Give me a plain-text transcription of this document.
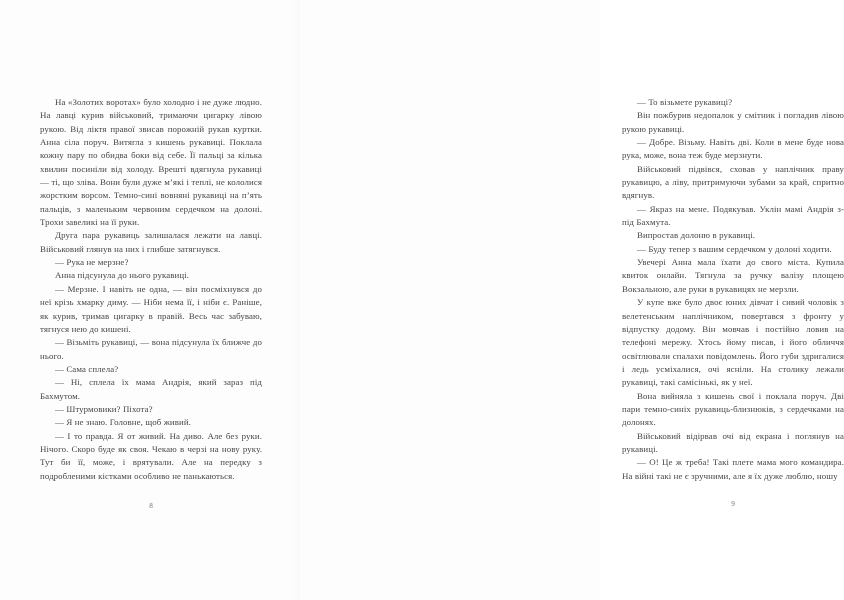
На «Золотих воротах» було холодно і не дуже людно. На лавці курив військовий, тримаючи цигарку лівою рукою. Від ліктя правої звисав порожній рукав куртки. Анна сіла поруч. Витягла з кишень рукавиці. Поклала кожну пару по обидва боки від себе. Її пальці за кілька хвилин посиніли від холоду. Врешті вдягнула рукавиці — ті, що зліва. Вони були дуже м’які і теплі, не кололися жорстким ворсом. Темно-сині вовняні рукавиці на п’ять пальців, з маленьким червоним сердечком на долоні. Трохи завеликі на її руки.

Друга пара рукавиць залишалася лежати на лавці. Військовий глянув на них і глибше затягнувся.

— Рука не мерзне?

Анна підсунула до нього рукавиці.

— Мерзне. І навіть не одна, — він посміхнувся до неї крізь хмарку диму. — Ніби нема її, і ніби є. Раніше, як курив, тримав цигарку в правій. Весь час забуваю, тягнуся нею до кишені.

— Візьміть рукавиці, — вона підсунула їх ближче до нього.

— Сама сплела?

— Ні, сплела їх мама Андрія, який зараз під Бахмутом.

— Штурмовики? Піхота?

— Я не знаю. Головне, щоб живий.

— І то правда. Я от живий. На диво. Але без руки. Нічого. Скоро буде як своя. Чекаю в черзі на нову руку. Тут би її, може, і врятували. Але на передку з подробленими кістками особливо не панькаються.

8

— То візьмете рукавиці?

Він пожбурив недопалок у смітник і погладив лівою рукою рукавиці.

— Добре. Візьму. Навіть дві. Коли в мене буде нова рука, може, вона теж буде мерзнути.

Військовий підвівся, сховав у наплічник праву рукавицю, а ліву, притримуючи зубами за край, спритно вдягнув.

— Якраз на мене. Подякував. Уклін мамі Андрія з-під Бахмута.

Випростав долоню в рукавиці.

— Буду тепер з вашим сердечком у долоні ходити.

Увечері Анна мала їхати до свого міста. Купила квиток онлайн. Тягнула за ручку валізу площею Вокзальною, але руки в рукавицях не мерзли.

У купе вже було двоє юних дівчат і сивий чоловік з велетенським наплічником, повертався з фронту у відпустку додому. Він мовчав і постійно ловив на телефоні мережу. Хтось йому писав, і його обличчя освітлювали спалахи повідомлень. Його губи здригалися і ледь усміхалися, очі ясніли. На столику лежали рукавиці, такі самісінькі, як у неї.

Вона вийняла з кишень свої і поклала поруч. Дві пари темно-синіх рукавиць-близнюків, з сердечками на долонях.

Військовий відірвав очі від екрана і поглянув на рукавиці.

— О! Це ж треба! Такі плете мама мого командира. На війні такі не є зручними, але я їх дуже люблю, ношу

9
